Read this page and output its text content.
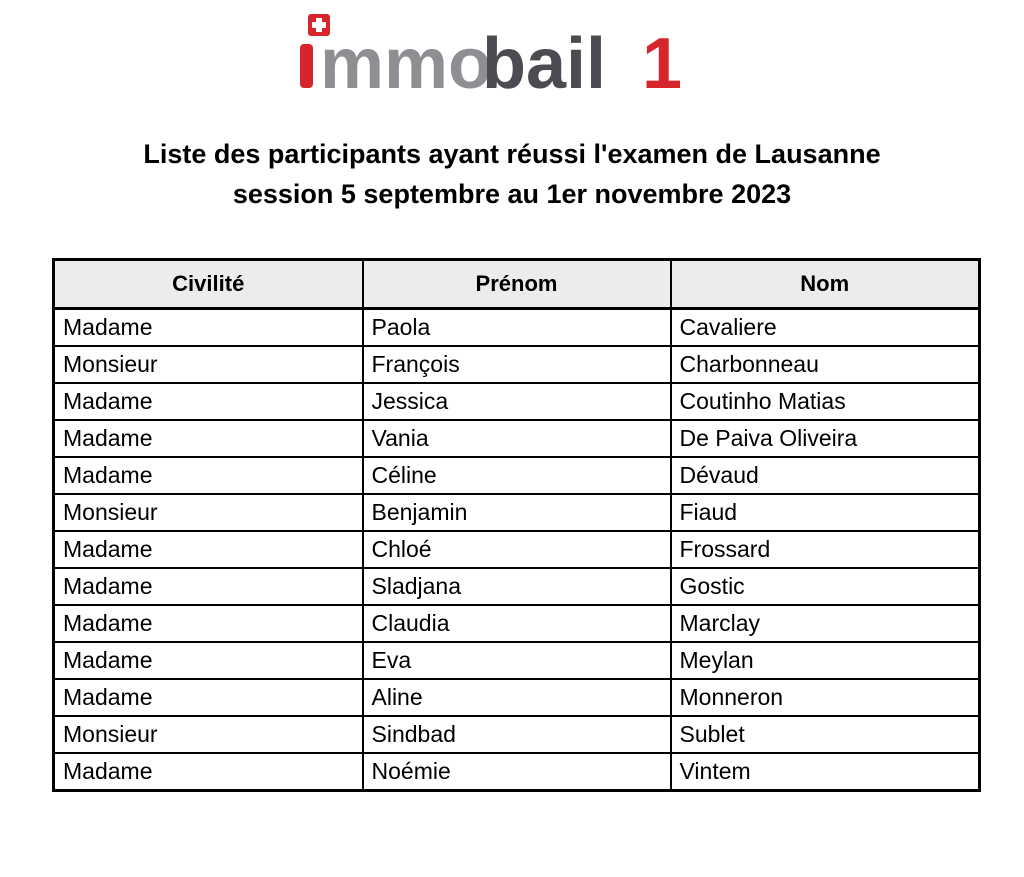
mmo
bail 1
Liste des participants ayant réussi l'examen de Lausanne
session 5 septembre au 1er novembre 2023
Civilité	Prénom	Nom
Madame	Paola	Cavaliere
Monsieur	François	Charbonneau
Madame	Jessica	Coutinho Matias
Madame	Vania	De Paiva Oliveira
Madame	Céline	Dévaud
Monsieur	Benjamin	Fiaud
Madame	Chloé	Frossard
Madame	Sladjana	Gostic
Madame	Claudia	Marclay
Madame	Eva	Meylan
Madame	Aline	Monneron
Monsieur	Sindbad	Sublet
Madame	Noémie	Vintem
